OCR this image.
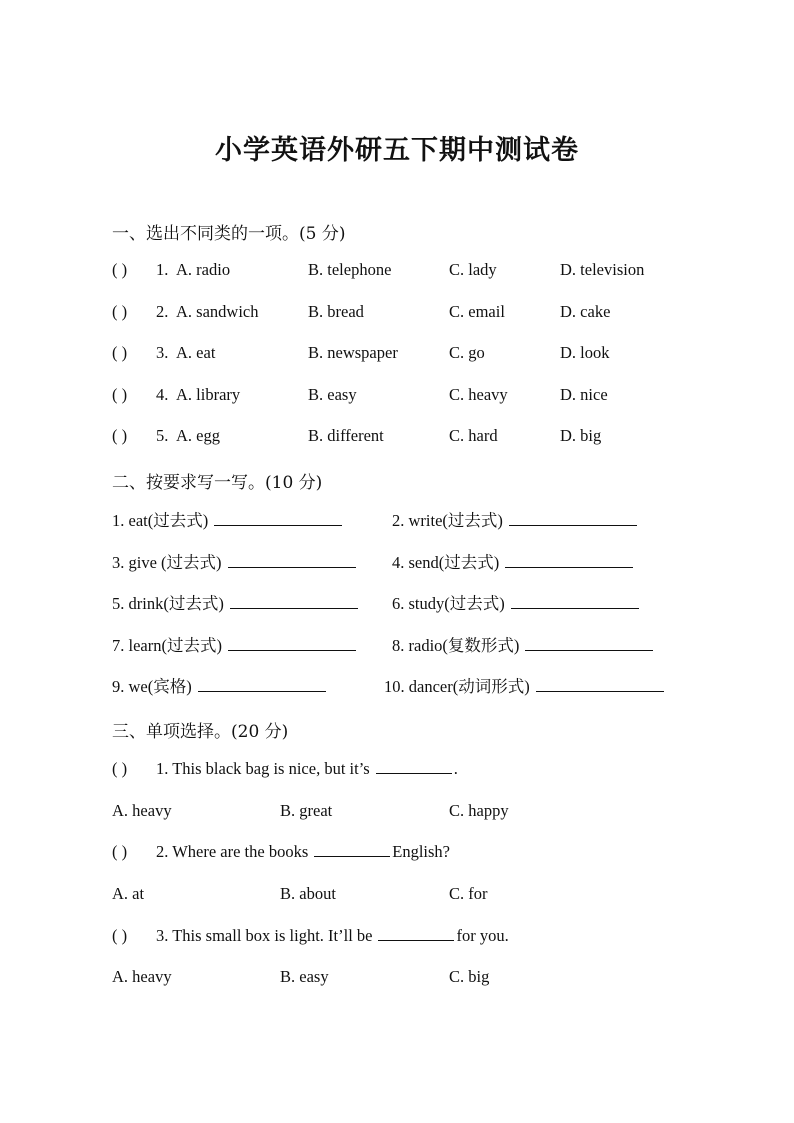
小学英语外研五下期中测试卷
一、选出不同类的一项。(5 分)
( ) 1. A. radio	B. telephone	C. lady	D. television
( ) 2. A. sandwich	B. bread	C. email	D. cake
( ) 3. A. eat	B. newspaper	C. go	D. look
( ) 4. A. library	B. easy	C. heavy	D. nice
( ) 5. A. egg	B. different	C. hard	D. big
二、按要求写一写。(10 分)
1. eat(过去式)	2. write(过去式)
3. give (过去式)	4. send(过去式)
5. drink(过去式)	6. study(过去式)
7. learn(过去式)	8. radio(复数形式)
9. we(宾格)	10. dancer(动词形式)
三、单项选择。(20 分)
( ) 1. This black bag is nice, but it’s	.
A. heavy	B. great	C. happy
( ) 2. Where are the books	English?
A. at	B. about	C. for
( ) 3. This small box is light. It’ll be	for you.
A. heavy	B. easy	C. big
